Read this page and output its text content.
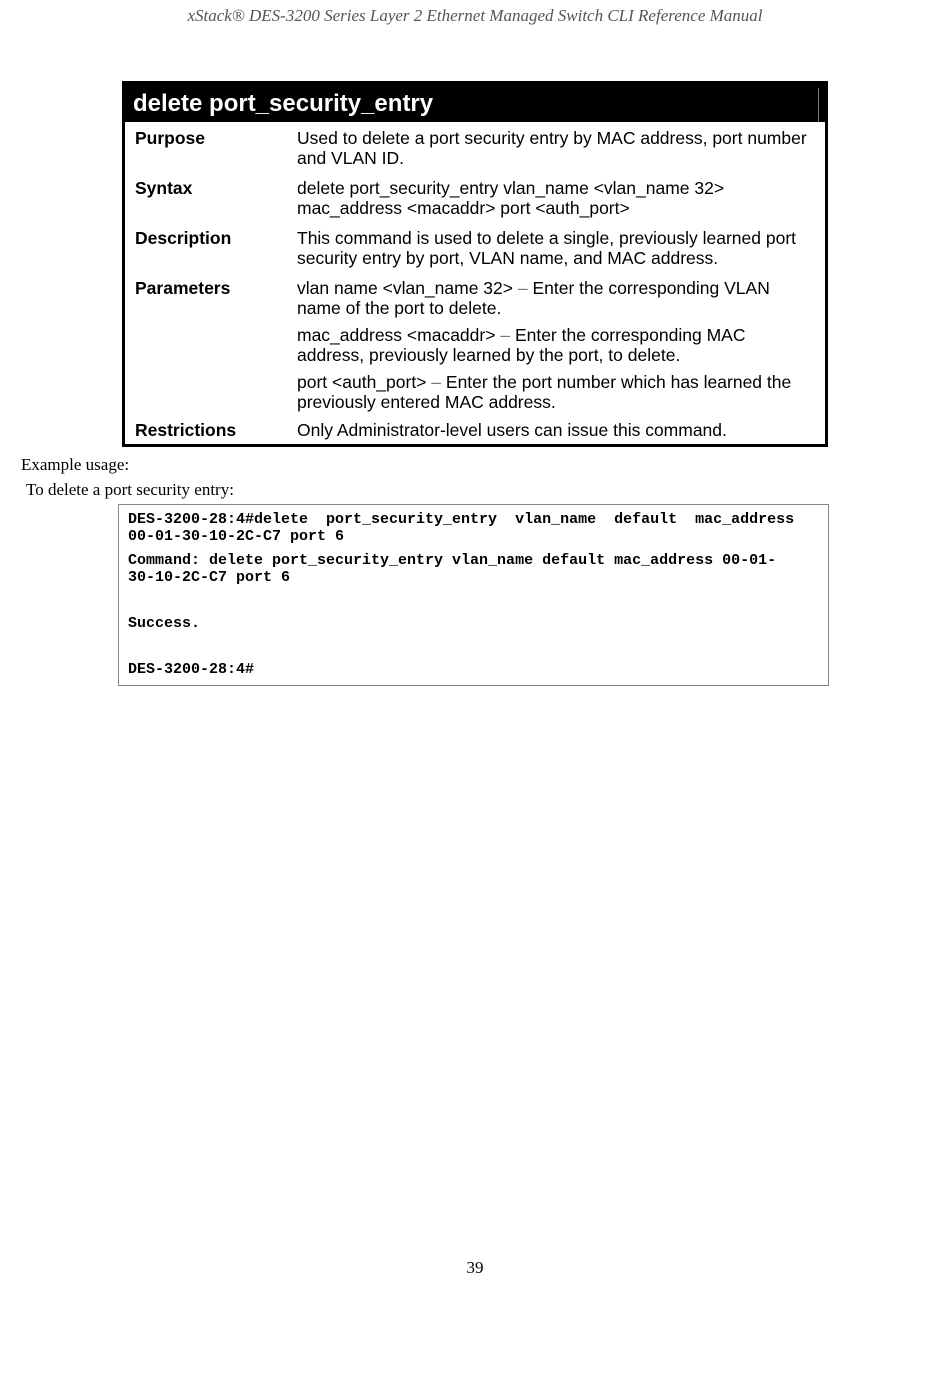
xStack® DES-3200 Series Layer 2 Ethernet Managed Switch CLI Reference Manual
delete port_security_entry
Purpose	Used to delete a port security entry by MAC address, port number and VLAN ID.

Syntax	delete port_security_entry vlan_name <vlan_name 32> mac_address <macaddr> port <auth_port>

Description	This command is used to delete a single, previously learned port security entry by port, VLAN name, and MAC address.

Parameters	vlan name <vlan_name 32> – Enter the corresponding VLAN name of the port to delete.

mac_address <macaddr> – Enter the corresponding MAC address, previously learned by the port, to delete.

port <auth_port> – Enter the port number which has learned the previously entered MAC address.

Restrictions	Only Administrator-level users can issue this command.

Example usage:
To delete a port security entry:
DES-3200-28:4#delete  port_security_entry  vlan_name  default  mac_address
00-01-30-10-2C-C7 port 6
Command: delete port_security_entry vlan_name default mac_address 00-01-
30-10-2C-C7 port 6
Success.
DES-3200-28:4#
39
